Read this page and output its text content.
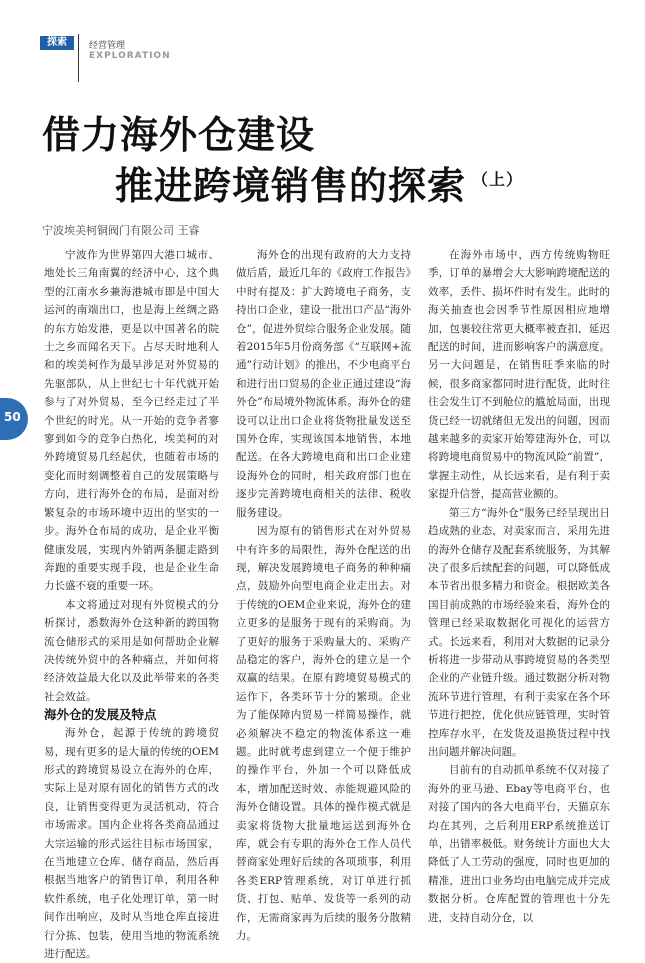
探索	经营管理
EXPLORATION
借力海外仓建设
推进跨境销售的探索 $^{(上)}$
宁波埃美柯铜阀门有限公司 王睿
50

宁波作为世界第四大港口城市、地处长三角南翼的经济中心，这个典型的江南水乡兼海港城市即是中国大运河的南端出口，也是海上丝绸之路的东方始发港，更是以中国著名的院士之乡而闻名天下。占尽天时地利人和的埃美柯作为最早涉足对外贸易的先驱部队，从上世纪七十年代就开始参与了对外贸易，至今已经走过了半个世纪的时光。从一开始的竞争者寥寥到如今的竞争白热化，埃美柯的对外跨境贸易几经起伏，也随着市场的变化而时刻调整着自己的发展策略与方向，进行海外仓的布局，是面对纷繁复杂的市场环境中迈出的坚实的一步。海外仓布局的成功，是企业平衡健康发展，实现内外销两条腿走路到奔跑的重要实现手段，也是企业生命力长盛不衰的重要一环。

本文将通过对现有外贸模式的分析探讨，悉数海外仓这种新的跨国物流仓储形式的采用是如何帮助企业解决传统外贸中的各种痛点，并如何将经济效益最大化以及此举带来的各类社会效益。

海外仓的发展及特点

海外仓，起源于传统的跨境贸易，现有更多的是大量的传统的OEM形式的跨境贸易设立在海外的仓库，实际上是对原有固化的销售方式的改良，让销售变得更为灵活机动，符合市场需求。国内企业将各类商品通过大宗运输的形式运往目标市场国家，在当地建立仓库、储存商品，然后再根据当地客户的销售订单，利用各种软件系统，电子化处理订单，第一时间作出响应，及时从当地仓库直接进行分拣、包装，使用当地的物流系统进行配送。

海外仓的出现有政府的大力支持做后盾，最近几年的《政府工作报告》中时有提及：扩大跨境电子商务，支持出口企业，建设一批出口产品“海外仓”，促进外贸综合服务企业发展。随着2015年5月份商务部《“互联网+流通”行动计划》的推出，不少电商平台和进行出口贸易的企业正通过建设“海外仓”布局境外物流体系。海外仓的建设可以让出口企业将货物批量发送至国外仓库，实现该国本地销售，本地配送。在各大跨境电商和出口企业建设海外仓的同时，相关政府部门也在逐步完善跨境电商相关的法律、税收服务建设。

因为原有的销售形式在对外贸易中有许多的局限性，海外仓配送的出现，解决发展跨境电子商务的种种痛点，鼓励外向型电商企业走出去。对于传统的OEM企业来说，海外仓的建立更多的是服务于现有的采购商。为了更好的服务于采购量大的、采购产品稳定的客户，海外仓的建立是一个双赢的结果。在原有跨境贸易模式的运作下，各类环节十分的繁琐。企业为了能保障内贸易一样简易操作，就必须解决不稳定的物流体系这一难题。此时就考虑到建立一个便于维护的操作平台，外加一个可以降低成本，增加配送时效、赤能规避风险的海外仓储设置。具体的操作模式就是卖家将货物大批量地运送到海外仓库，就会有专职的海外仓工作人员代替商家处理好后续的各项琐事，利用各类ERP管理系统，对订单进行抓货、打包、贴单、发货等一系列的动作，无需商家再为后续的服务分散精力。

在海外市场中，西方传统购物旺季，订单的暴增会大大影响跨境配送的效率，丢件、损坏件时有发生。此时的海关抽查也会因季节性原因相应地增加，包裹较往常更大概率被查扣，延迟配送的时间，进而影响客户的满意度。另一大问题是，在销售旺季来临的时候，很多商家都同时进行配货，此时往往会发生订不到舱位的尴尬局面，出现货已经一切就绪但无发出的问题，因而越来越多的卖家开始筹建海外仓，可以将跨境电商贸易中的物流风险“前置”，掌握主动性，从长远来看，是有利于卖家提升信誉，提高营业额的。

第三方“海外仓”服务已经呈现出日趋成熟的业态，对卖家而言，采用先进的海外仓储存及配套系统服务，为其解决了很多后续配套的问题，可以降低成本节省出很多精力和资金。根据欧美各国目前成熟的市场经验来看，海外仓的管理已经采取数据化可视化的运营方式。长远来看，利用对大数据的记录分析将进一步带动从事跨境贸易的各类型企业的产业链升级。通过数据分析对物流环节进行管理，有利于卖家在各个环节进行把控，优化供应链管理，实时管控库存水平，在发货及退换货过程中找出问题并解决问题。

目前有的自动抓单系统不仅对接了海外的亚马逊、Ebay等电商平台，也对接了国内的各大电商平台，天猫京东均在其列，之后利用ERP系统推送订单，出错率极低。财务统计方面也大大降低了人工劳动的强度，同时也更加的精准，进出口业务均由电脑完成并完成数据分析。仓库配置的管理也十分先进，支持自动分仓，以
